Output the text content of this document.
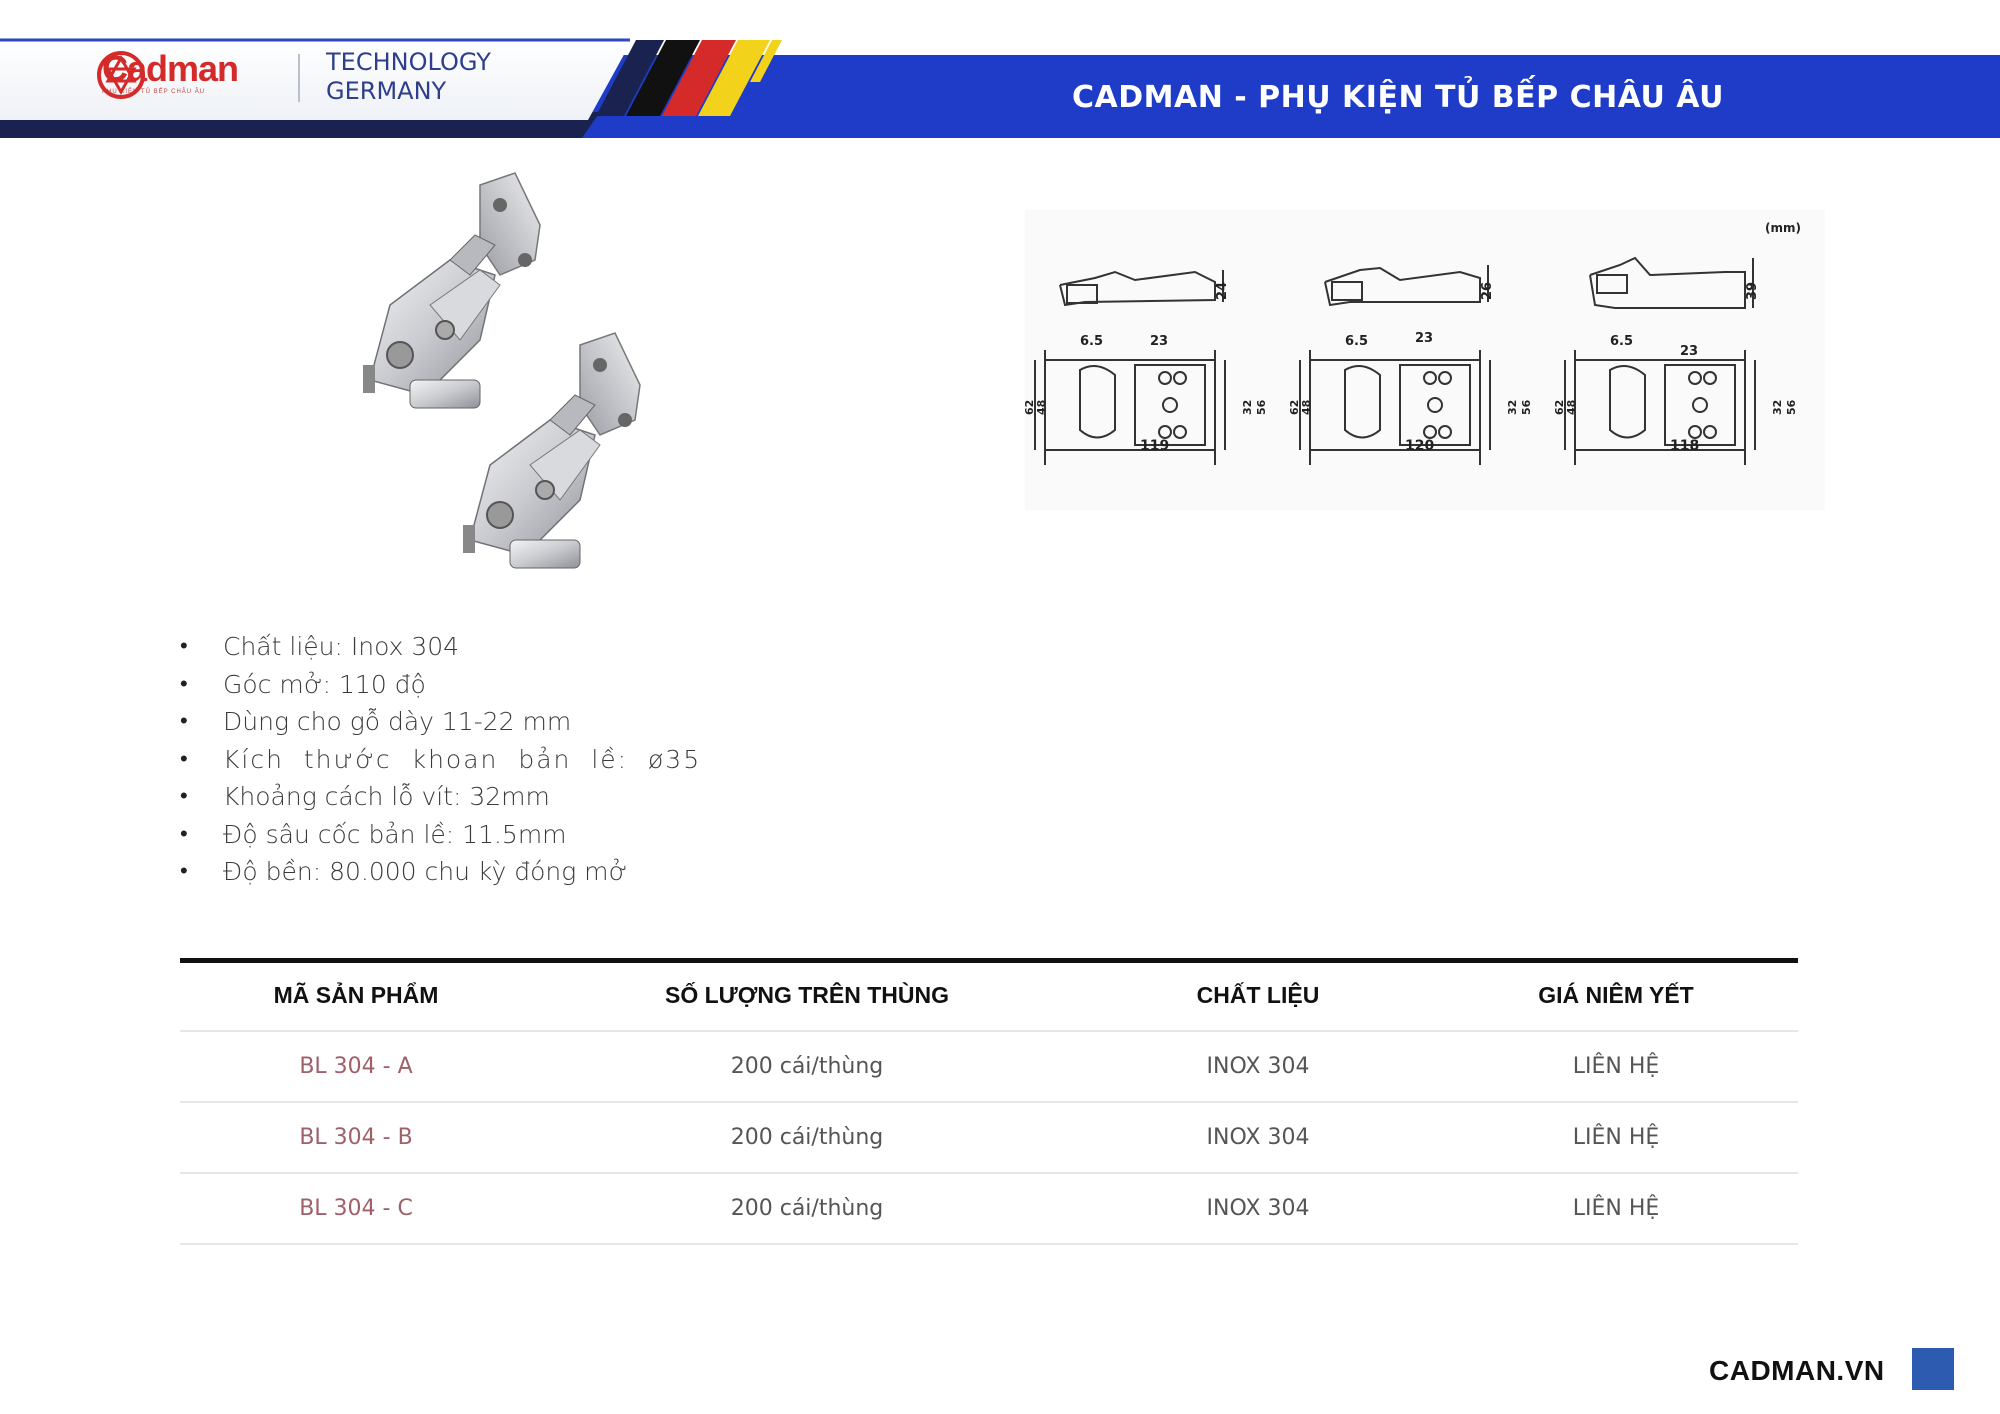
Cadman
PHỤ KIỆN TỦ BẾP CHÂU ÂU
TECHNOLOGY
GERMANY	CADMAN - PHỤ KIỆN TỦ BẾP CHÂU ÂU
(mm)
24
6.5	23
119
62 48	32 56
26
6.5	23
120
62 48	32 56
39
6.5
23
118
62 48	32 56
• Chất liệu: Inox 304
• Góc mở: 110 độ
• Dùng cho gỗ dày 11-22 mm
• Kích thước khoan bản lề: ø35
• Khoảng cách lỗ vít: 32mm
• Độ sâu cốc bản lề: 11.5mm
• Độ bền: 80.000 chu kỳ đóng mở
MÃ SẢN PHẨM	SỐ LƯỢNG TRÊN THÙNG	CHẤT LIỆU	GIÁ NIÊM YẾT
BL 304 - A	200 cái/thùng	INOX 304	LIÊN HỆ
BL 304 - B	200 cái/thùng	INOX 304	LIÊN HỆ
BL 304 - C	200 cái/thùng	INOX 304	LIÊN HỆ
CADMAN.VN
